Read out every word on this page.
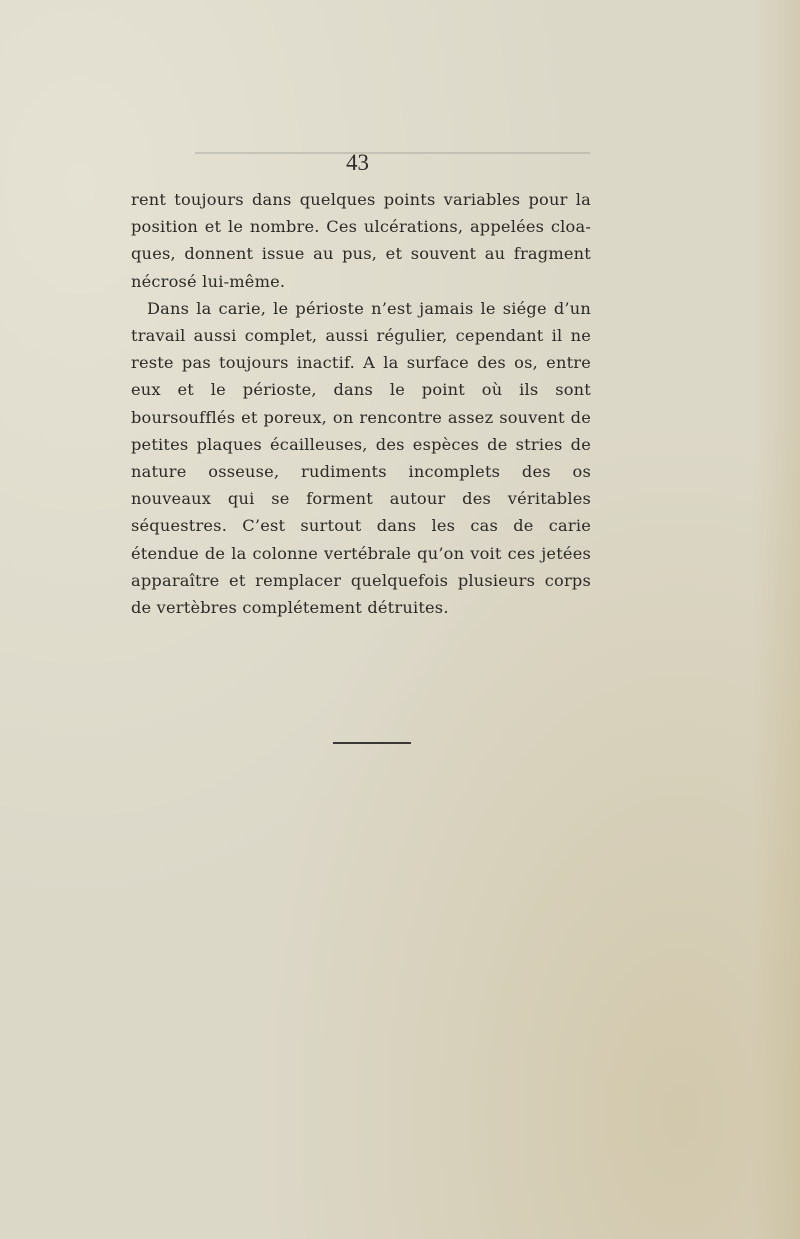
43

rent toujours dans quelques points variables pour la position et le nombre. Ces ulcérations, appelées cloa-ques, donnent issue au pus, et souvent au fragment nécrosé lui-même.

Dans la carie, le périoste n’est jamais le siége d’un travail aussi complet, aussi régulier, cependant il ne reste pas toujours inactif. A la surface des os, entre eux et le périoste, dans le point où ils sont boursoufflés et poreux, on rencontre assez souvent de petites plaques écailleuses, des espèces de stries de nature osseuse, rudiments incomplets des os nouveaux qui se forment autour des véritables séquestres. C’est surtout dans les cas de carie étendue de la colonne vertébrale qu’on voit ces jetées apparaître et remplacer quelquefois plusieurs corps de vertèbres complétement détruites.
